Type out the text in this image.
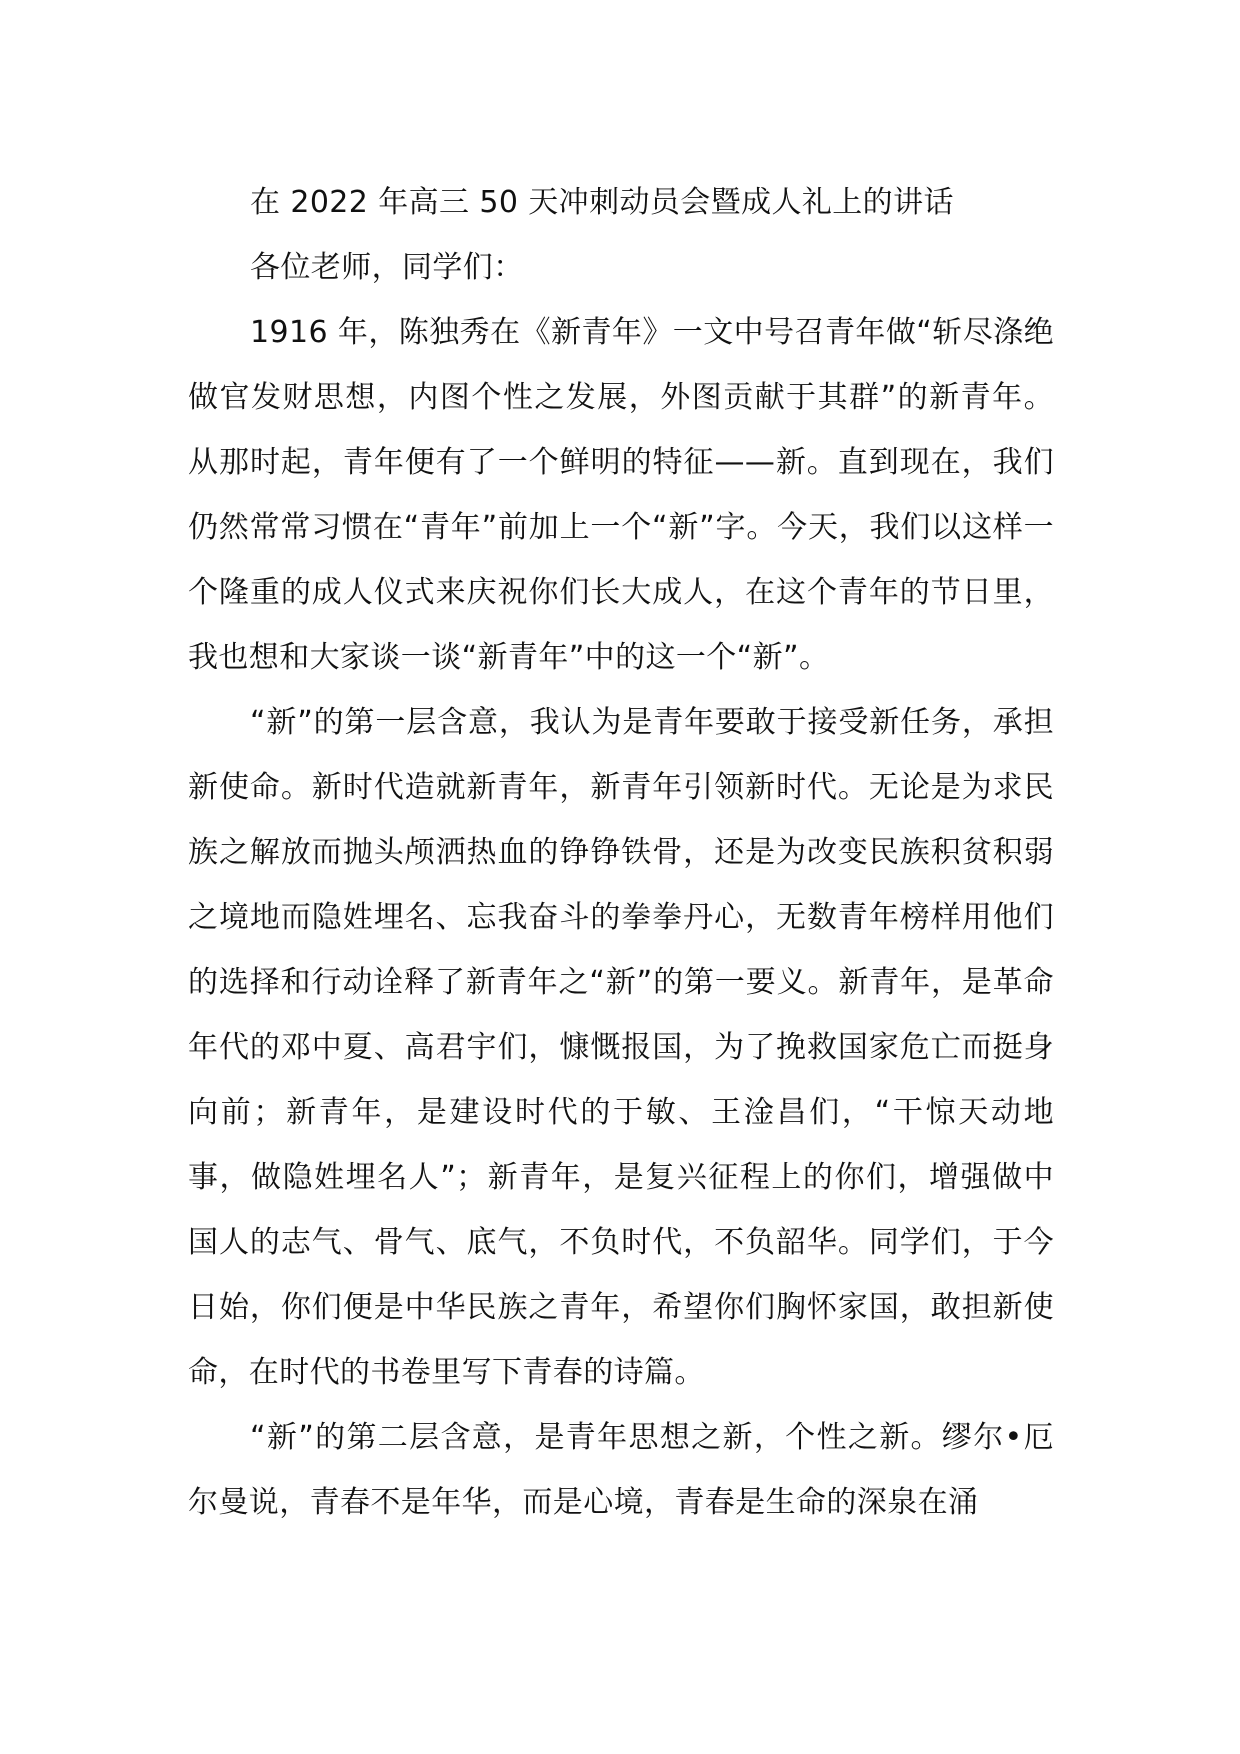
在 2022 年高三 50 天冲刺动员会暨成人礼上的讲话

各位老师，同学们：

1916 年，陈独秀在《新青年》一文中号召青年做“斩尽涤绝做官发财思想，内图个性之发展，外图贡献于其群”的新青年。从那时起，青年便有了一个鲜明的特征——新。直到现在，我们仍然常常习惯在“青年”前加上一个“新”字。今天，我们以这样一个隆重的成人仪式来庆祝你们长大成人，在这个青年的节日里，我也想和大家谈一谈“新青年”中的这一个“新”。

“新”的第一层含意，我认为是青年要敢于接受新任务，承担新使命。新时代造就新青年，新青年引领新时代。无论是为求民族之解放而抛头颅洒热血的铮铮铁骨，还是为改变民族积贫积弱之境地而隐姓埋名、忘我奋斗的拳拳丹心，无数青年榜样用他们的选择和行动诠释了新青年之“新”的第一要义。新青年，是革命年代的邓中夏、高君宇们，慷慨报国，为了挽救国家危亡而挺身向前；新青年，是建设时代的于敏、王淦昌们，“干惊天动地事，做隐姓埋名人”；新青年，是复兴征程上的你们，增强做中国人的志气、骨气、底气，不负时代，不负韶华。同学们，于今日始，你们便是中华民族之青年，希望你们胸怀家国，敢担新使命，在时代的书卷里写下青春的诗篇。

“新”的第二层含意，是青年思想之新，个性之新。缪尔•厄尔曼说，青春不是年华，而是心境，青春是生命的深泉在涌
